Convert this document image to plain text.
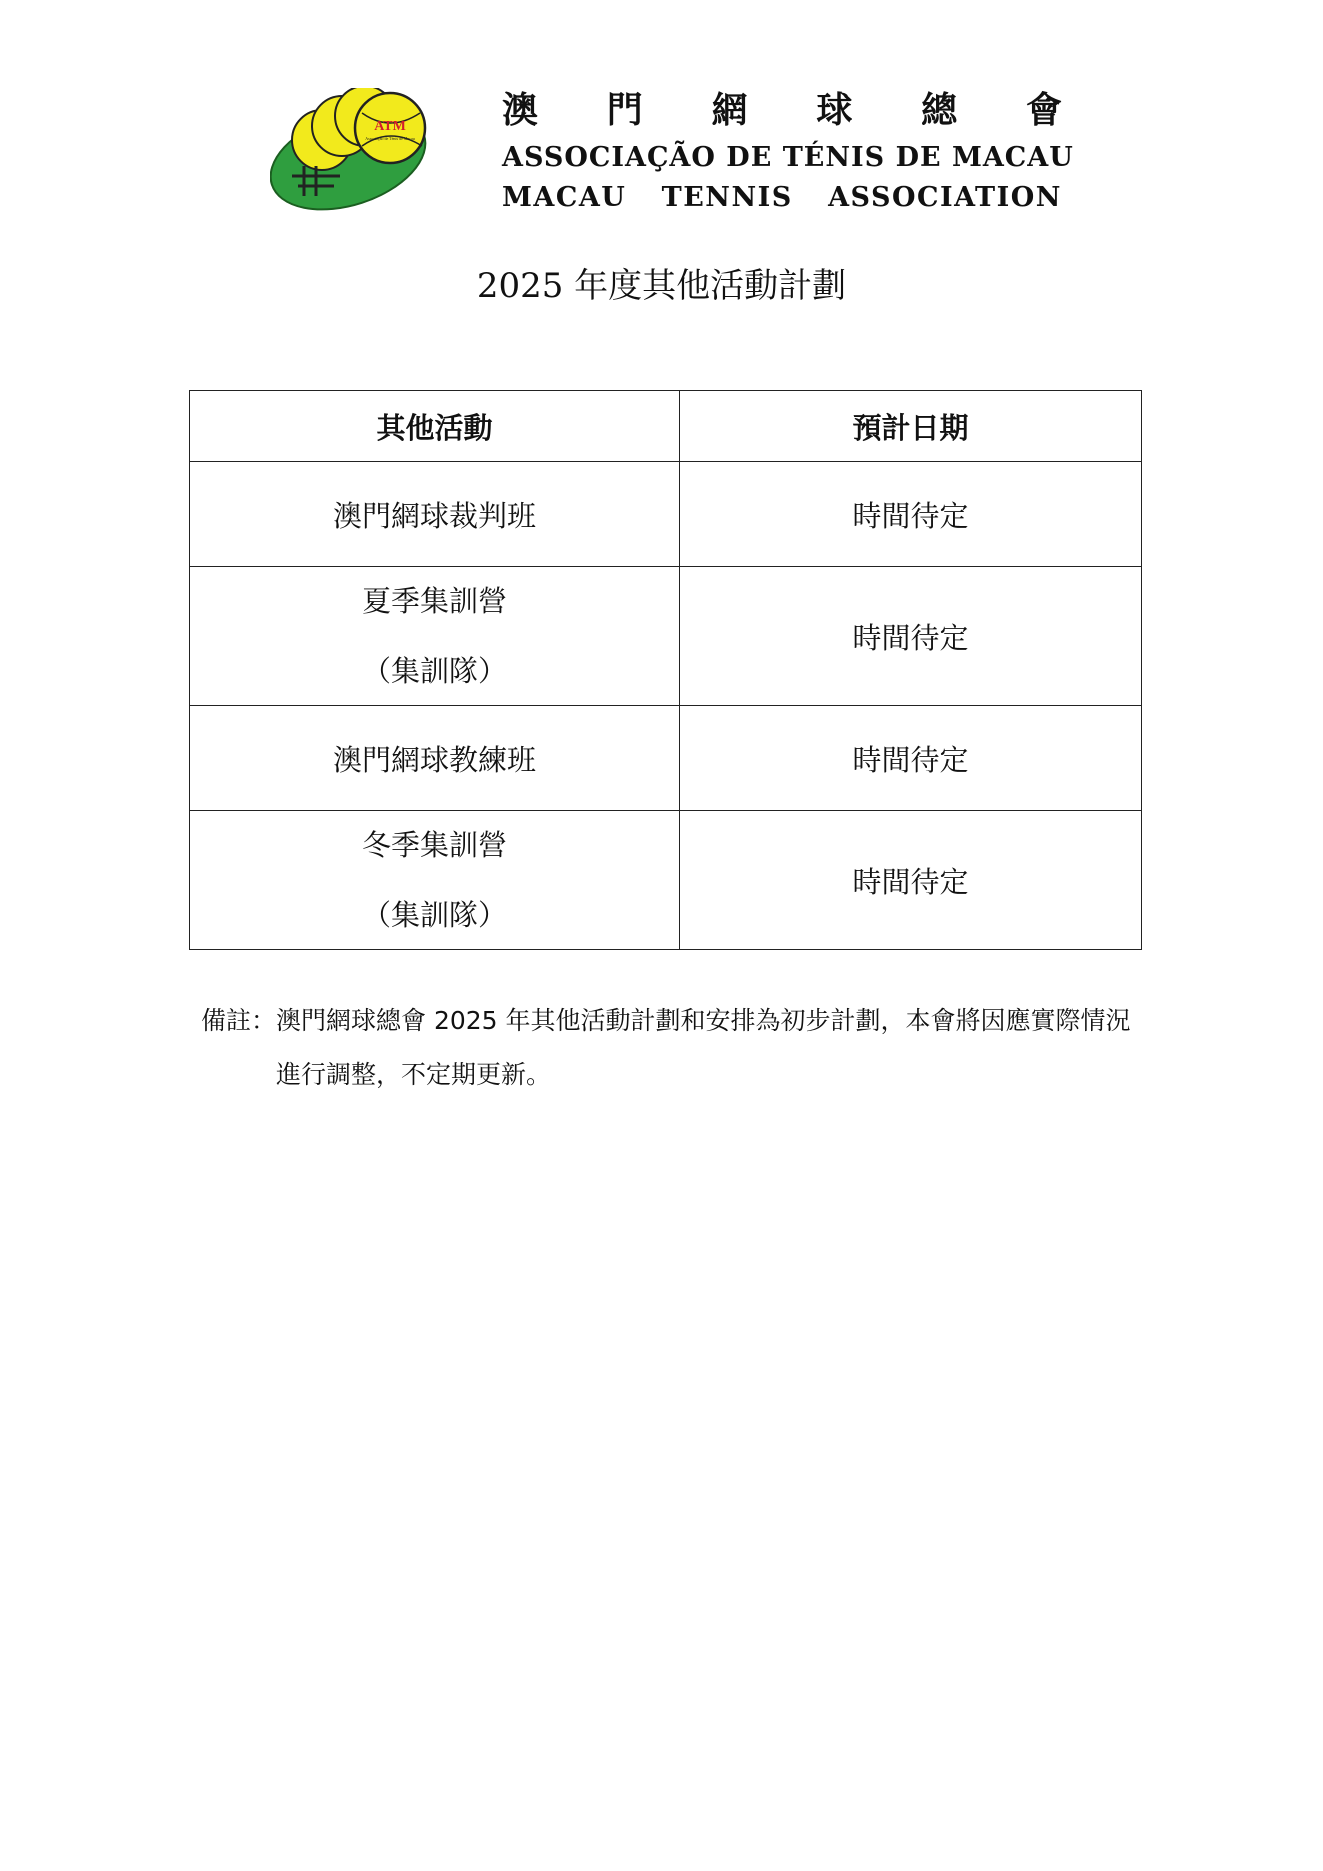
ATM
Associação de Ténis de Macau
澳 門 網 球 總 會
ASSOCIAÇÃO DE TÉNIS DE MACAU
MACAU TENNIS ASSOCIATION
2025 年度其他活動計劃
其他活動	預計日期
澳門網球裁判班	時間待定

夏季集訓營
（集訓隊）	時間待定
澳門網球教練班	時間待定

冬季集訓營
（集訓隊）	時間待定
備註： 澳門網球總會 2025 年其他活動計劃和安排為初步計劃，本會將因應實際情況進行調整，不定期更新。
